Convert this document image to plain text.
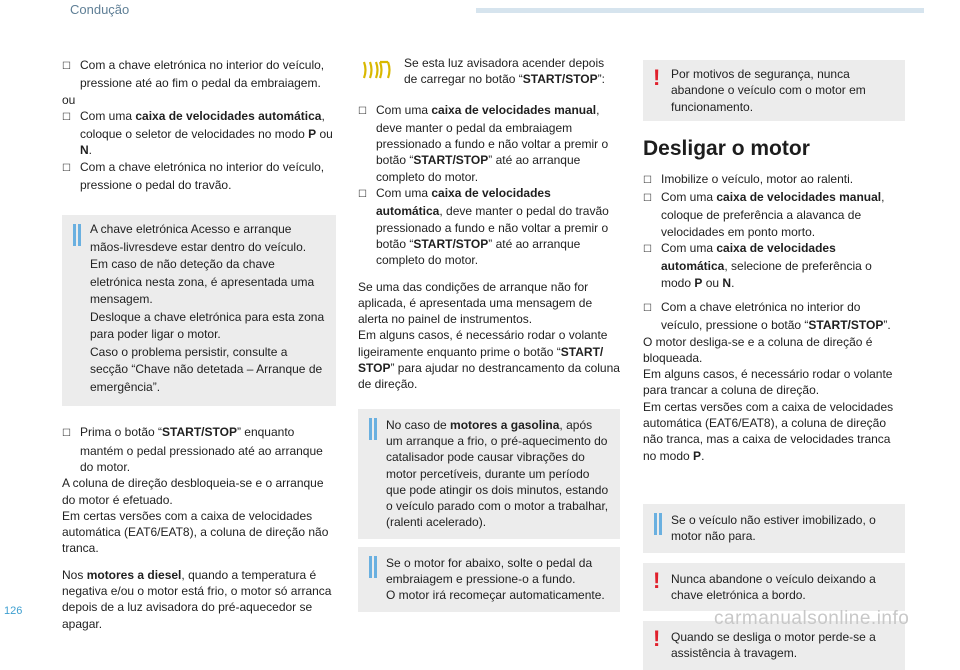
Condução

☐ Com a chave eletrónica no interior do veículo, pressione até ao fim o pedal da embraiagem.

ou

☐ Com uma caixa de velocidades automática, coloque o seletor de velocidades no modo P ou N.

☐ Com a chave eletrónica no interior do veículo, pressione o pedal do travão.

A chave eletrónica Acesso e arranque mãos-livresdeve estar dentro do veículo.

Em caso de não deteção da chave eletrónica nesta zona, é apresentada uma mensagem.

Desloque a chave eletrónica para esta zona para poder ligar o motor.

Caso o problema persistir, consulte a secção “Chave não detetada – Arranque de emergência”.

☐ Prima o botão “START/STOP” enquanto mantém o pedal pressionado até ao arranque do motor.

A coluna de direção desbloqueia-se e o arranque do motor é efetuado.

Em certas versões com a caixa de velocidades automática (EAT6/EAT8), a coluna de direção não tranca.

Nos motores a diesel, quando a temperatura é negativa e/ou o motor está frio, o motor só arranca depois de a luz avisadora do pré-aquecedor se apagar.

Se esta luz avisadora acender depois de carregar no botão “START/STOP”:

☐ Com uma caixa de velocidades manual, deve manter o pedal da embraiagem pressionado a fundo e não voltar a premir o botão “START/STOP” até ao arranque completo do motor.

☐ Com uma caixa de velocidades automática, deve manter o pedal do travão pressionado a fundo e não voltar a premir o botão “START/STOP” até ao arranque completo do motor.

Se uma das condições de arranque não for aplicada, é apresentada uma mensagem de alerta no painel de instrumentos.

Em alguns casos, é necessário rodar o volante ligeiramente enquanto prime o botão “START/ STOP” para ajudar no destrancamento da coluna de direção.

No caso de motores a gasolina, após um arranque a frio, o pré-aquecimento do catalisador pode causar vibrações do motor percetíveis, durante um período que pode atingir os dois minutos, estando o veículo parado com o motor a trabalhar, (ralenti acelerado).

Se o motor for abaixo, solte o pedal da embraiagem e pressione-o a fundo.

O motor irá recomeçar automaticamente.

! Por motivos de segurança, nunca abandone o veículo com o motor em funcionamento.

Desligar o motor

☐ Imobilize o veículo, motor ao ralenti.

☐ Com uma caixa de velocidades manual, coloque de preferência a alavanca de velocidades em ponto morto.

☐ Com uma caixa de velocidades automática, selecione de preferência o modo P ou N.

☐ Com a chave eletrónica no interior do veículo, pressione o botão “START/STOP”.

O motor desliga-se e a coluna de direção é bloqueada.

Em alguns casos, é necessário rodar o volante para trancar a coluna de direção.

Em certas versões com a caixa de velocidades automática (EAT6/EAT8), a coluna de direção não tranca, mas a caixa de velocidades tranca no modo P.

Se o veículo não estiver imobilizado, o motor não para.

! Nunca abandone o veículo deixando a chave eletrónica a bordo.

! Quando se desliga o motor perde-se a assistência à travagem.

126	carmanualsonline.info
